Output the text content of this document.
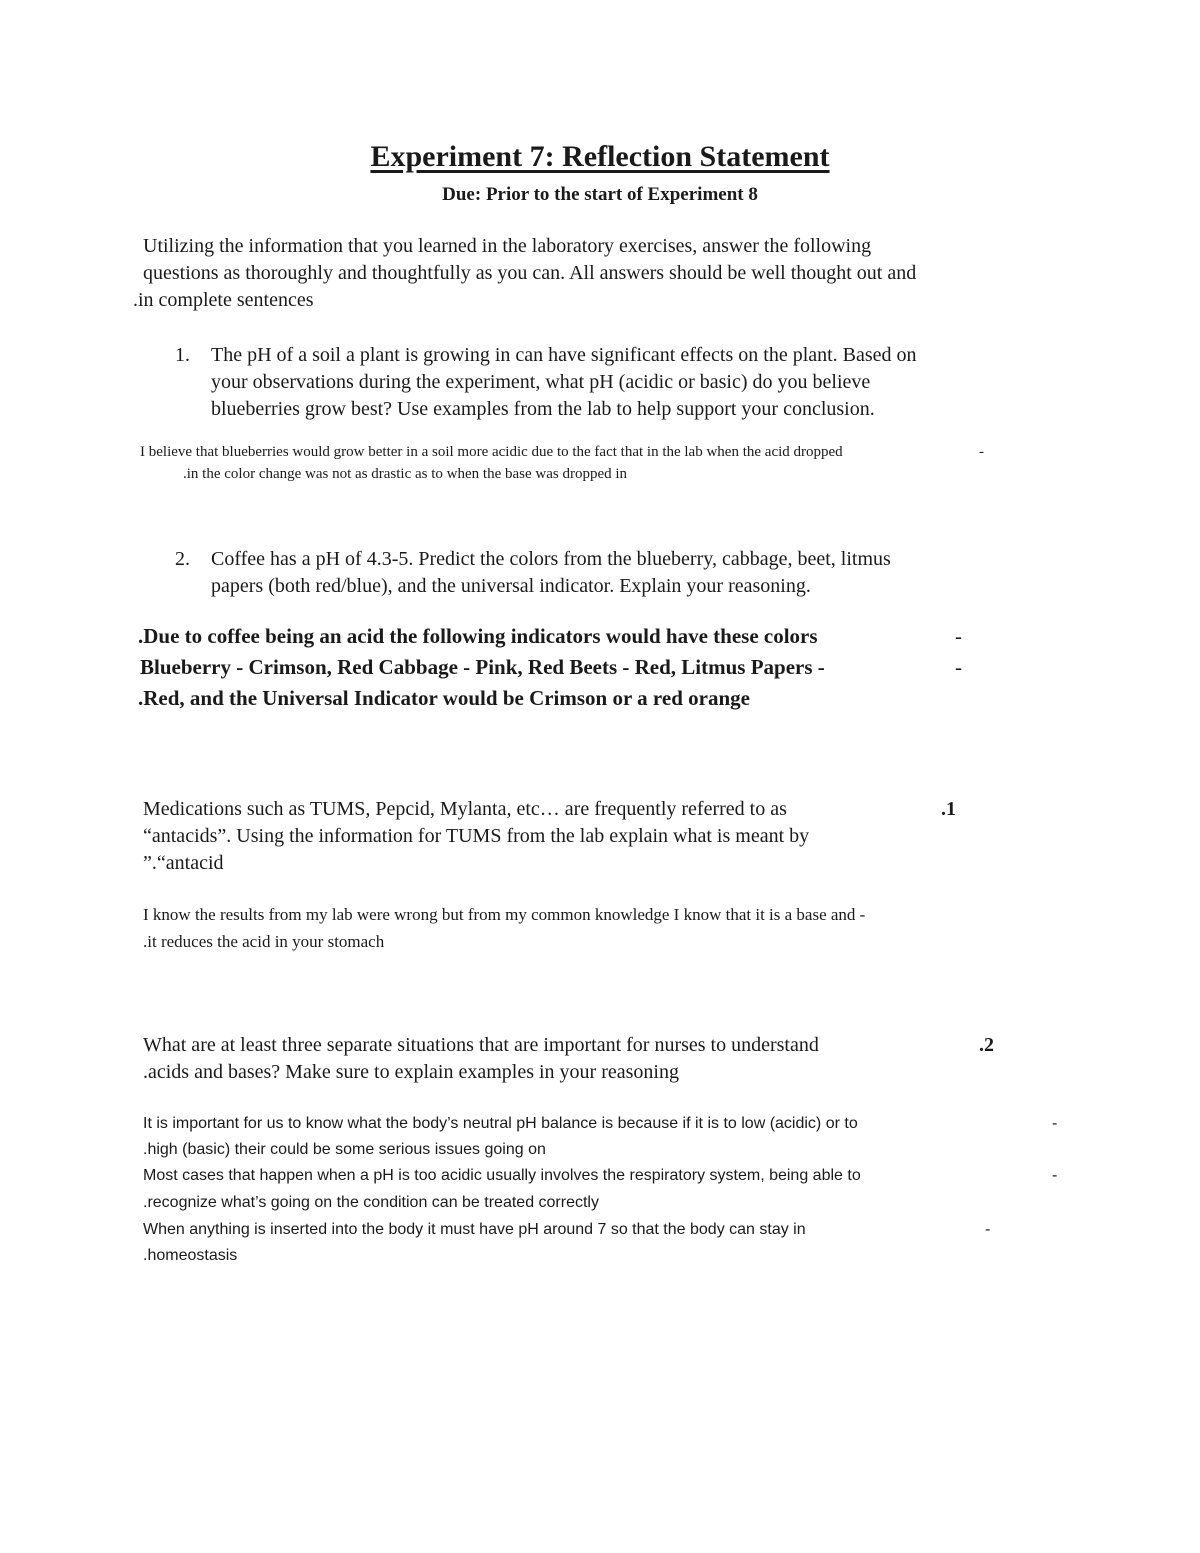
Experiment 7: Reflection Statement
Due: Prior to the start of Experiment 8
Utilizing the information that you learned in the laboratory exercises, answer the following
questions as thoroughly and thoughtfully as you can. All answers should be well thought out and
.in complete sentences
1. The pH of a soil a plant is growing in can have significant effects on the plant. Based on
your observations during the experiment, what pH (acidic or basic) do you believe
blueberries grow best? Use examples from the lab to help support your conclusion.
I believe that blueberries would grow better in a soil more acidic due to the fact that in the lab when the acid dropped	-
.in the color change was not as drastic as to when the base was dropped in
2. Coffee has a pH of 4.3-5. Predict the colors from the blueberry, cabbage, beet, litmus
papers (both red/blue), and the universal indicator. Explain your reasoning.
.Due to coffee being an acid the following indicators would have these colors	-
Blueberry - Crimson, Red Cabbage - Pink, Red Beets - Red, Litmus Papers -	-
.Red, and the Universal Indicator would be Crimson or a red orange
Medications such as TUMS, Pepcid, Mylanta, etc… are frequently referred to as	.1
“antacids”. Using the information for TUMS from the lab explain what is meant by
”.“antacid
I know the results from my lab were wrong but from my common knowledge I know that it is a base and -
.it reduces the acid in your stomach
What are at least three separate situations that are important for nurses to understand	.2
.acids and bases? Make sure to explain examples in your reasoning
It is important for us to know what the body’s neutral pH balance is because if it is to low (acidic) or to	-
.high (basic) their could be some serious issues going on
Most cases that happen when a pH is too acidic usually involves the respiratory system, being able to	-
.recognize what’s going on the condition can be treated correctly
When anything is inserted into the body it must have pH around 7 so that the body can stay in	-
.homeostasis
